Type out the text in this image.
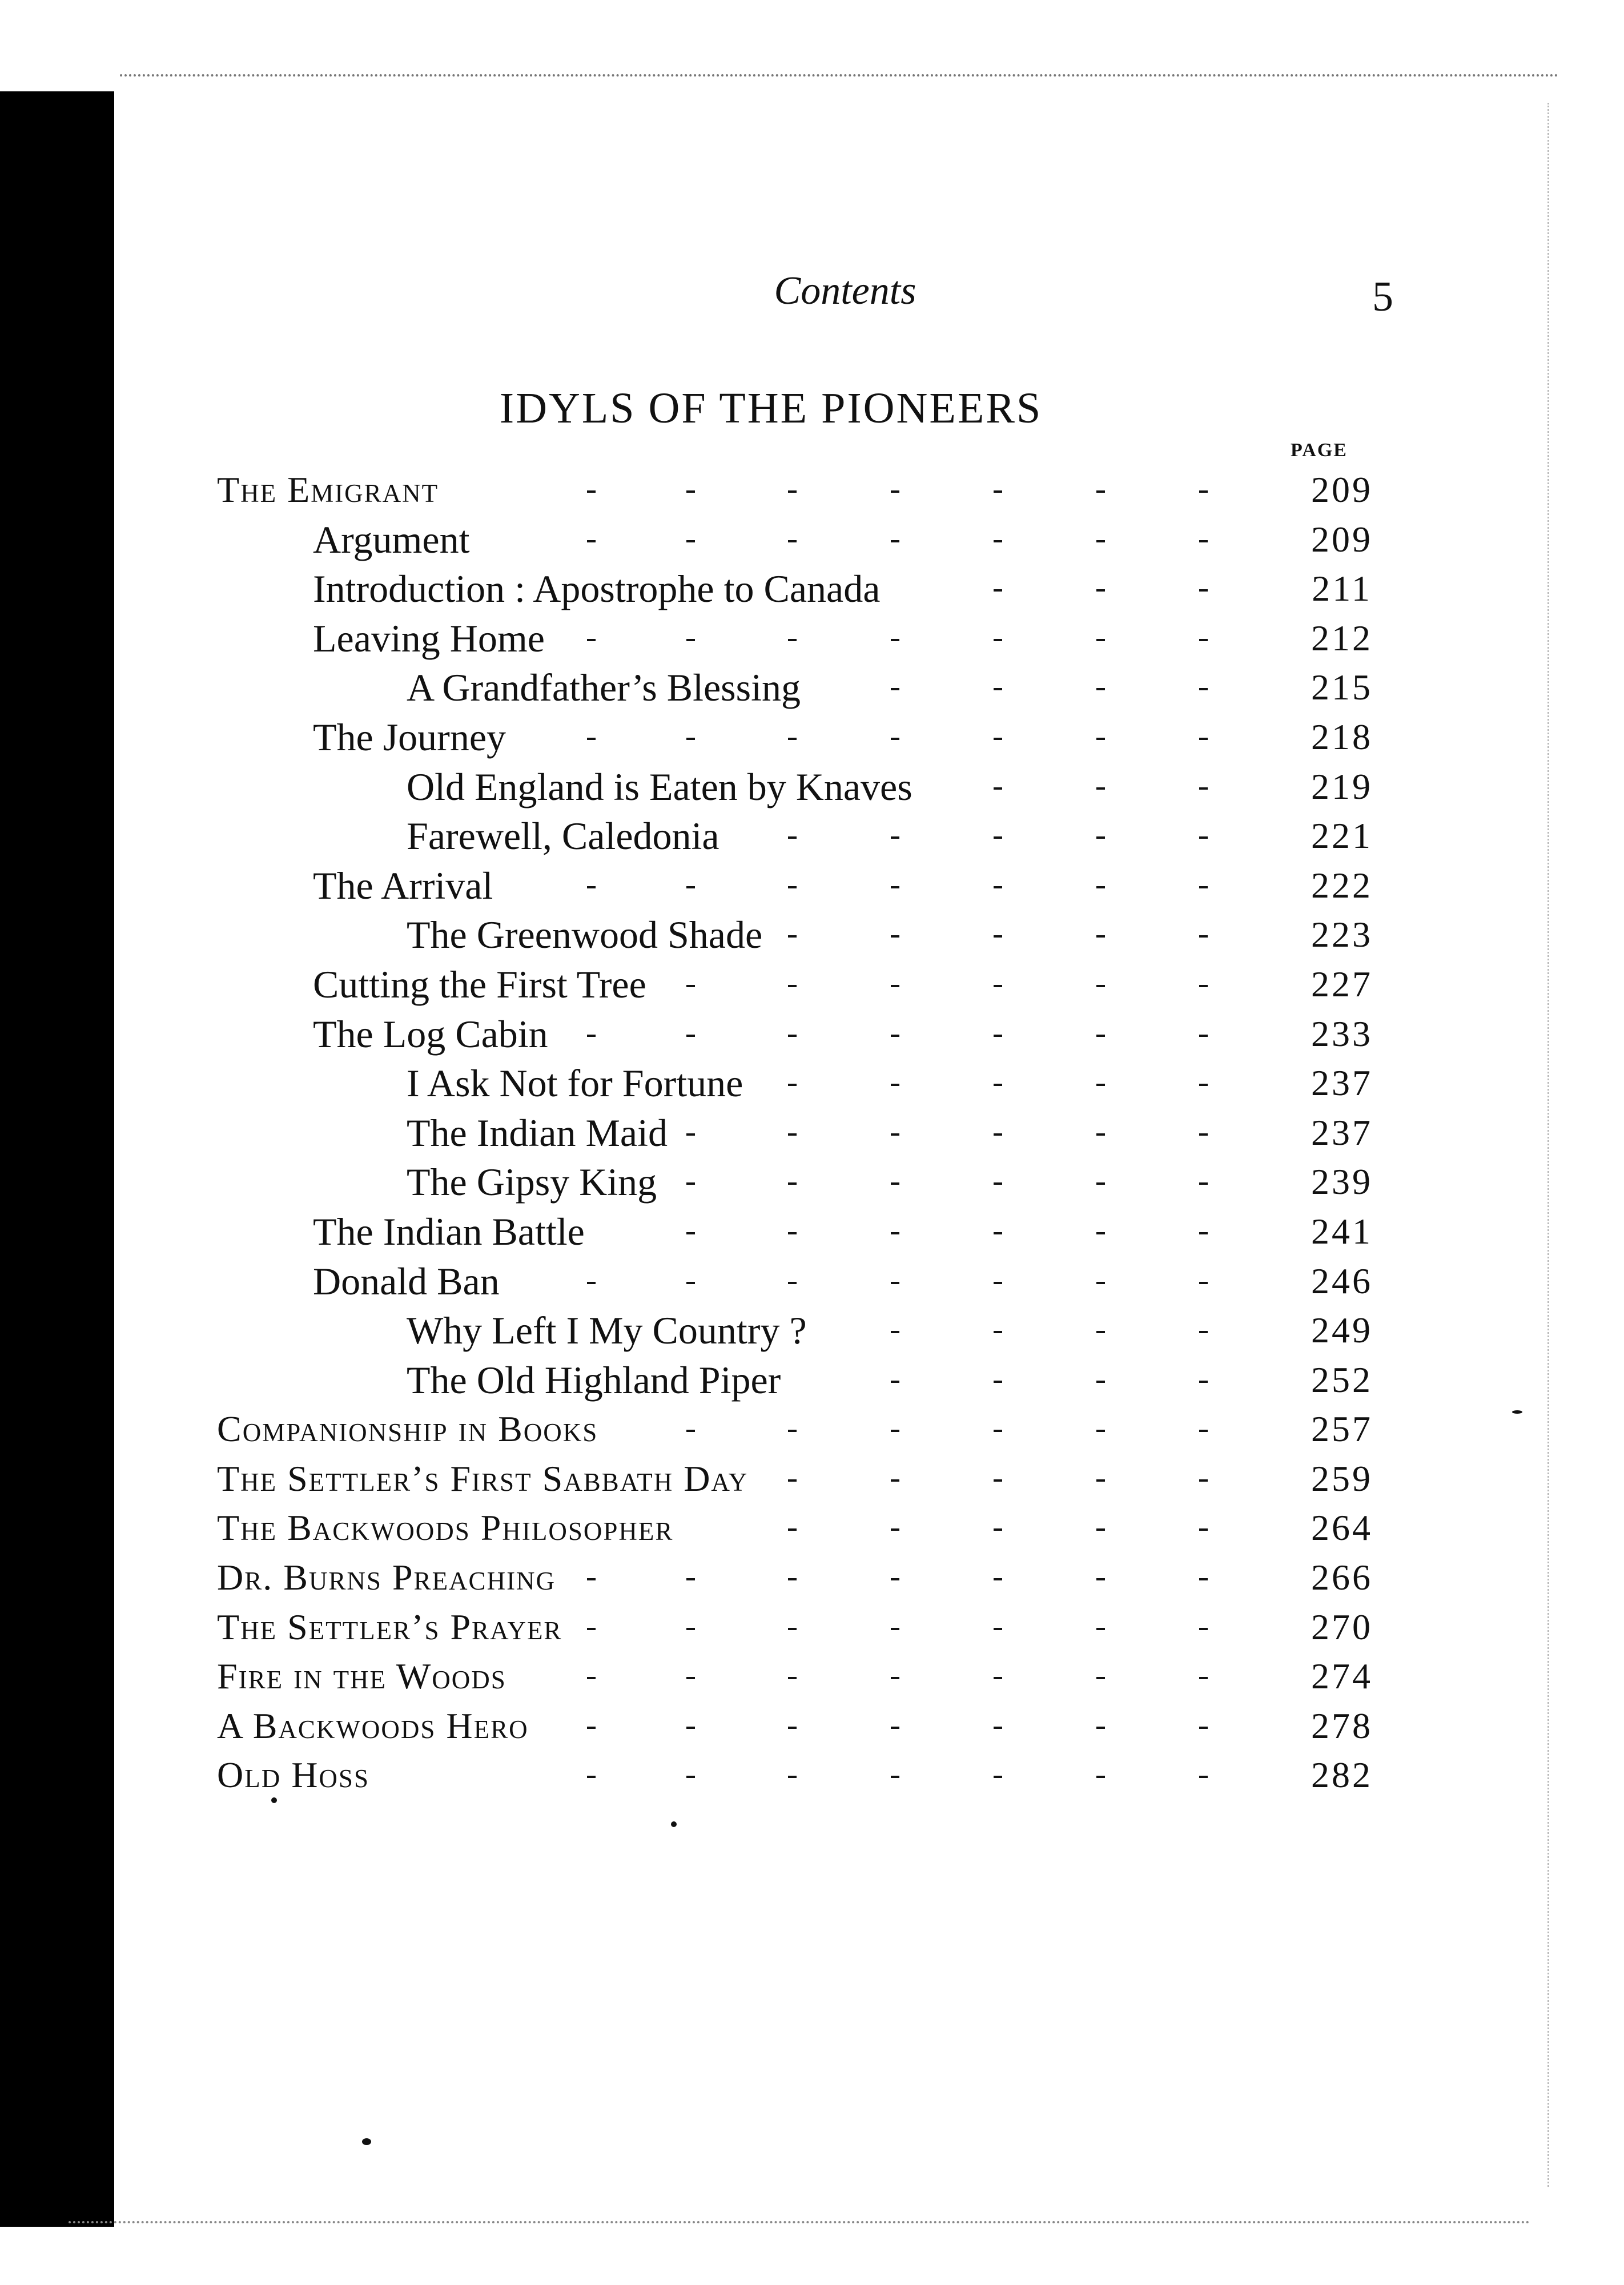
Contents	5
IDYLS OF THE PIONEERS
PAGE
The Emigrant	209
Argument	209
Introduction : Apostrophe to Canada	211
Leaving Home	212
A Grandfather’s Blessing	215
The Journey	218
Old England is Eaten by Knaves	219
Farewell, Caledonia	221
The Arrival	222
The Greenwood Shade	223
Cutting the First Tree	227
The Log Cabin	233
I Ask Not for Fortune	237
The Indian Maid	237
The Gipsy King	239
The Indian Battle	241
Donald Ban	246
Why Left I My Country ?	249
The Old Highland Piper	252
Companionship in Books	257
The Settler’s First Sabbath Day	259
The Backwoods Philosopher	264
Dr. Burns Preaching	266
The Settler’s Prayer	270
Fire in the Woods	274
A Backwoods Hero	278
Old Hoss	282
